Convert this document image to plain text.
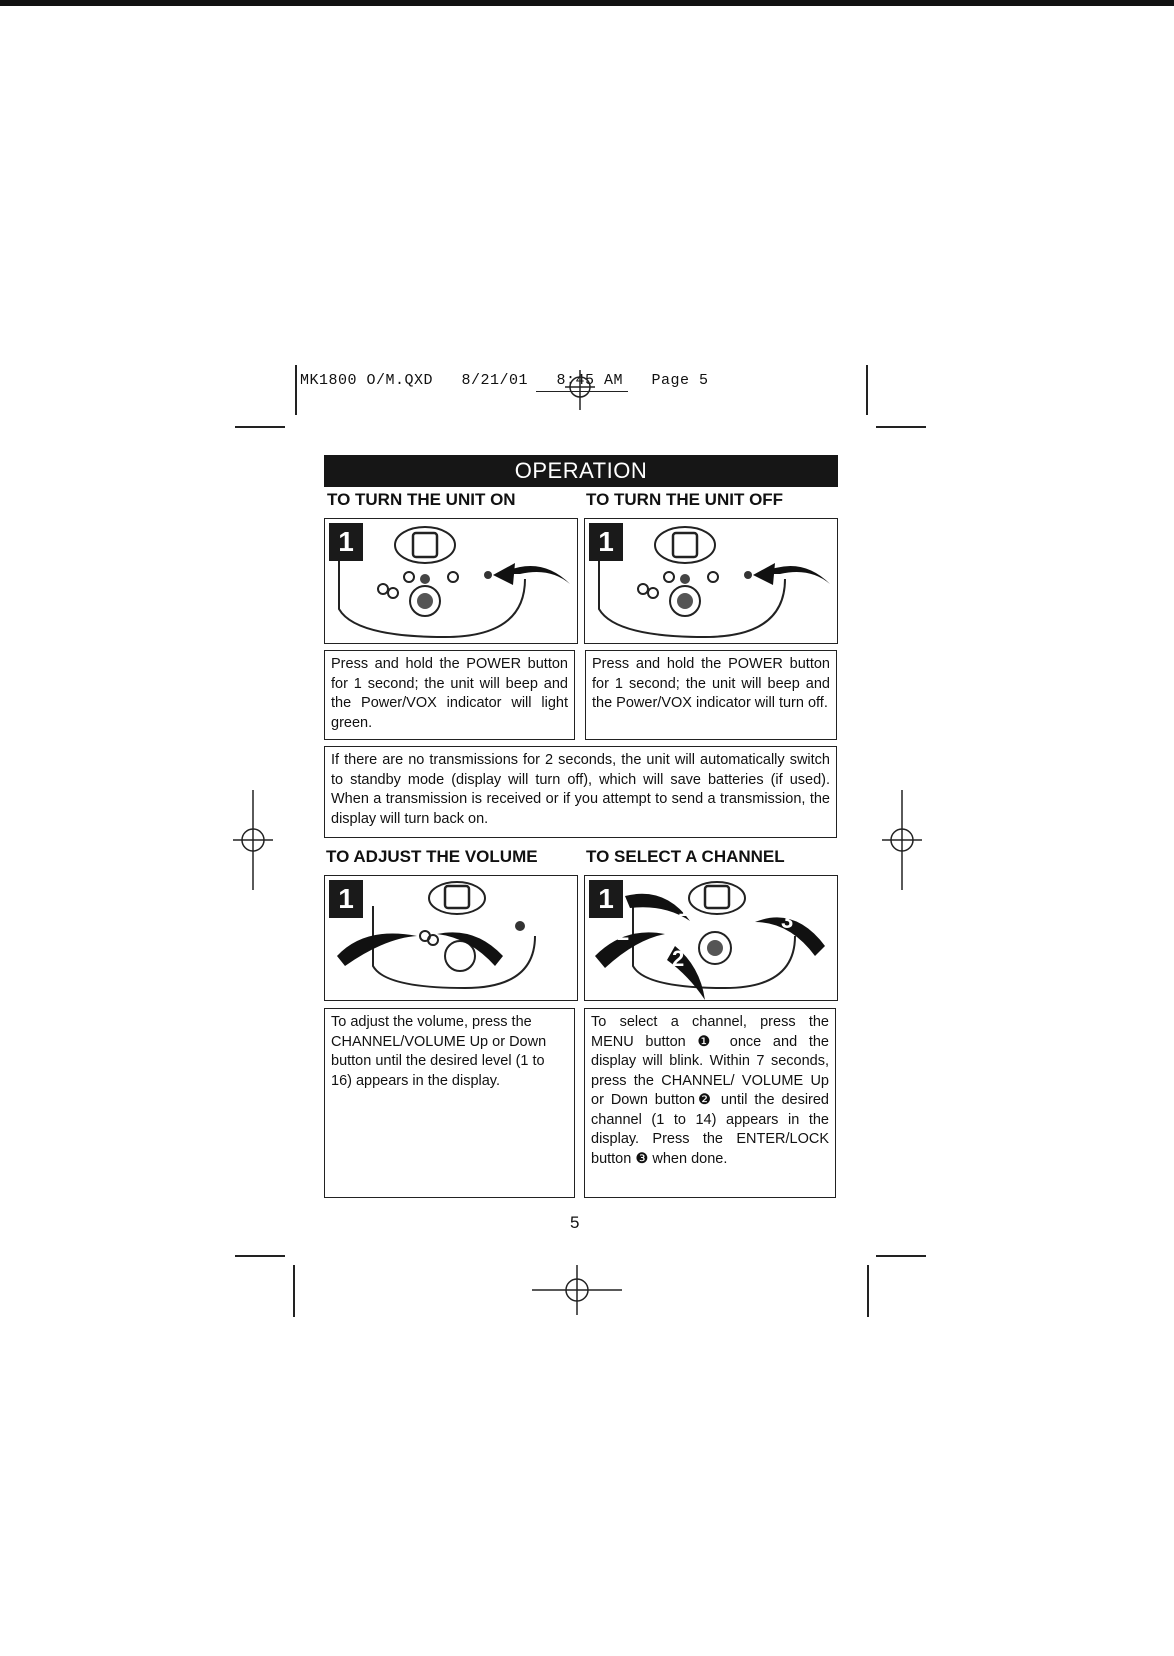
MK1800 O/M.QXD   8/21/01   8:45 AM   Page 5
OPERATION
TO TURN THE UNIT ON	TO TURN THE UNIT OFF
1	1
Press and hold the POWER button for 1 second; the unit will beep and the Power/VOX indicator will light green.
Press and hold the POWER button for 1 second; the unit will beep and the Power/VOX indicator will turn off.
If there are no transmissions for 2 seconds, the unit will automatically switch to standby mode (display will turn off), which will save batteries (if used). When a transmission is received or if you attempt to send a transmission, the display will turn back on.
TO ADJUST THE VOLUME	TO SELECT A CHANNEL
1	1	1
2
2
3
To adjust the volume, press the CHANNEL/VOLUME Up or Down button until the desired level (1 to 16) appears in the display.
To select a channel, press the MENU button ❶ once and the display will blink. Within 7 seconds, press the CHANNEL/ VOLUME Up or Down button❷ until the desired channel (1 to 14) appears in the display. Press the ENTER/LOCK button ❸ when done.
5
